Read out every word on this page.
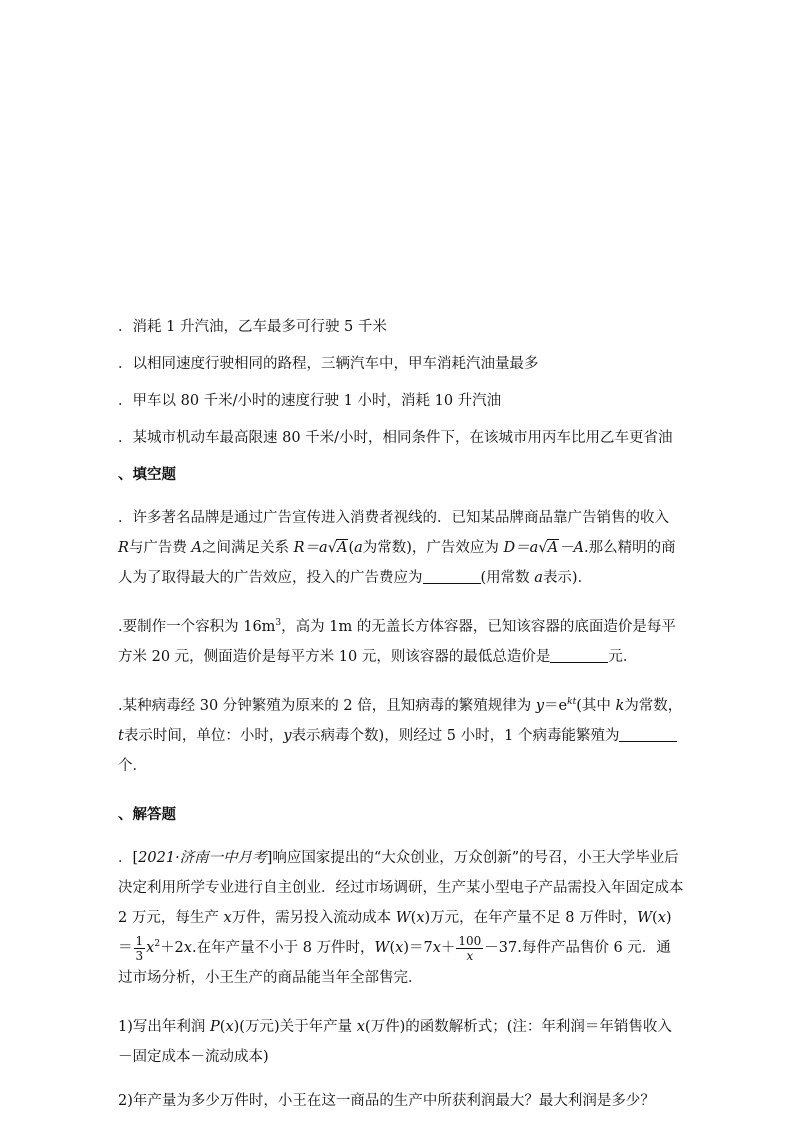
．消耗 1 升汽油，乙车最多可行驶 5 千米

．以相同速度行驶相同的路程，三辆汽车中，甲车消耗汽油量最多

．甲车以 80 千米/小时的速度行驶 1 小时，消耗 10 升汽油

．某城市机动车最高限速 80 千米/小时，相同条件下，在该城市用丙车比用乙车更省油

、填空题

．许多著名品牌是通过广告宣传进入消费者视线的．已知某品牌商品靠广告销售的收入 R与广告费 A之间满足关系 R＝a√A(a为常数)，广告效应为 D＝a√A－A.那么精明的商人为了取得最大的广告效应，投入的广告费应为	(用常数 a表示)．

.要制作一个容积为 $16m^3$，高为 1m 的无盖长方体容器，已知该容器的底面造价是每平方米 20 元，侧面造价是每平方米 10 元，则该容器的最低总造价是	元．

.某种病毒经 30 分钟繁殖为原来的 2 倍，且知病毒的繁殖规律为 $y=e^{kt}$(其中 k为常数，t表示时间，单位：小时，y表示病毒个数)，则经过 5 小时，1 个病毒能繁殖为个．

、解答题

．[2021·济南一中月考]响应国家提出的“大众创业，万众创新”的号召，小王大学毕业后决定利用所学专业进行自主创业．经过市场调研，生产某小型电子产品需投入年固定成本 2 万元，每生产 x万件，需另投入流动成本 W(x)万元，在年产量不足 8 万件时，$W(x)= \frac{1}{3} x^2+2x$.在年产量不小于 8 万件时，$W(x)=7x+ \frac{100}{x} -37$.每件产品售价 6 元．通过市场分析，小王生产的商品能当年全部售完．

1)写出年利润 P(x)(万元)关于年产量 x(万件)的函数解析式；(注：年利润＝年销售收入－固定成本－流动成本)

2)年产量为多少万件时，小王在这一商品的生产中所获利润最大？最大利润是多少？
